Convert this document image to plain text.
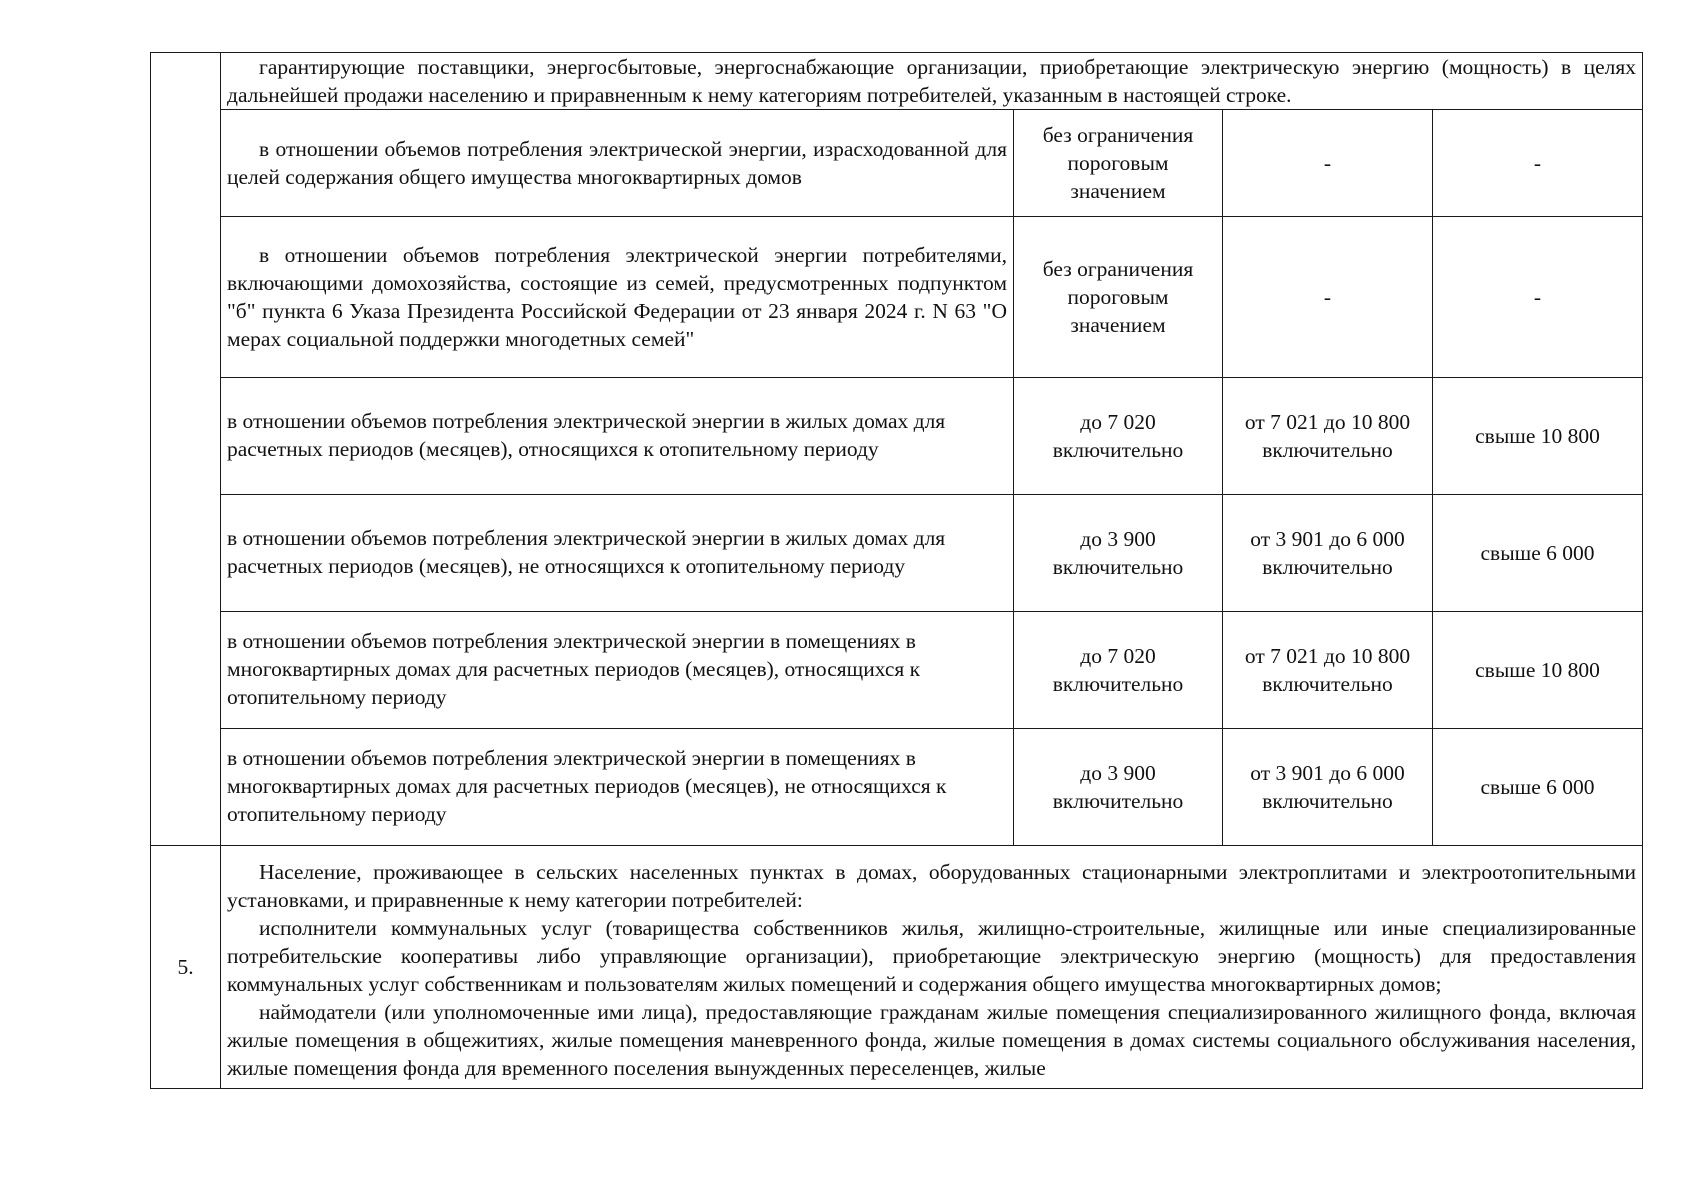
	гарантирующие поставщики, энергосбытовые, энергоснабжающие организации, приобретающие электрическую энергию (мощность) в целях дальнейшей продажи населению и приравненным к нему категориям потребителей, указанным в настоящей строке.			

	в отношении объемов потребления электрической энергии, израсходованной для целей содержания общего имущества многоквартирных домов	без ограничения пороговым значением	-	-
	в отношении объемов потребления электрической энергии потребителями, включающими домохозяйства, состоящие из семей, предусмотренных подпунктом "б" пункта 6 Указа Президента Российской Федерации от 23 января 2024 г. N 63 "О мерах социальной поддержки многодетных семей"	без ограничения пороговым значением	-	-
	в отношении объемов потребления электрической энергии в жилых домах для расчетных периодов (месяцев), относящихся к отопительному периоду	до 7 020 включительно	от 7 021 до 10 800 включительно	свыше 10 800
	в отношении объемов потребления электрической энергии в жилых домах для расчетных периодов (месяцев), не относящихся к отопительному периоду	до 3 900 включительно	от 3 901 до 6 000 включительно	свыше 6 000
	в отношении объемов потребления электрической энергии в помещениях в многоквартирных домах для расчетных периодов (месяцев), относящихся к отопительному периоду	до 7 020 включительно	от 7 021 до 10 800 включительно	свыше 10 800
	в отношении объемов потребления электрической энергии в помещениях в многоквартирных домах для расчетных периодов (месяцев), не относящихся к отопительному периоду	до 3 900 включительно	от 3 901 до 6 000 включительно	свыше 6 000
5.	Население, проживающее в сельских населенных пунктах в домах, оборудованных стационарными электроплитами и электроотопительными установками, и приравненные к нему категории потребителей:

исполнители коммунальных услуг (товарищества собственников жилья, жилищно-строительные, жилищные или иные специализированные потребительские кооперативы либо управляющие организации), приобретающие электрическую энергию (мощность) для предоставления коммунальных услуг собственникам и пользователям жилых помещений и содержания общего имущества многоквартирных домов;

наймодатели (или уполномоченные ими лица), предоставляющие гражданам жилые помещения специализированного жилищного фонда, включая жилые помещения в общежитиях, жилые помещения маневренного фонда, жилые помещения в домах системы социального обслуживания населения, жилые помещения фонда для временного поселения вынужденных переселенцев, жилые			
